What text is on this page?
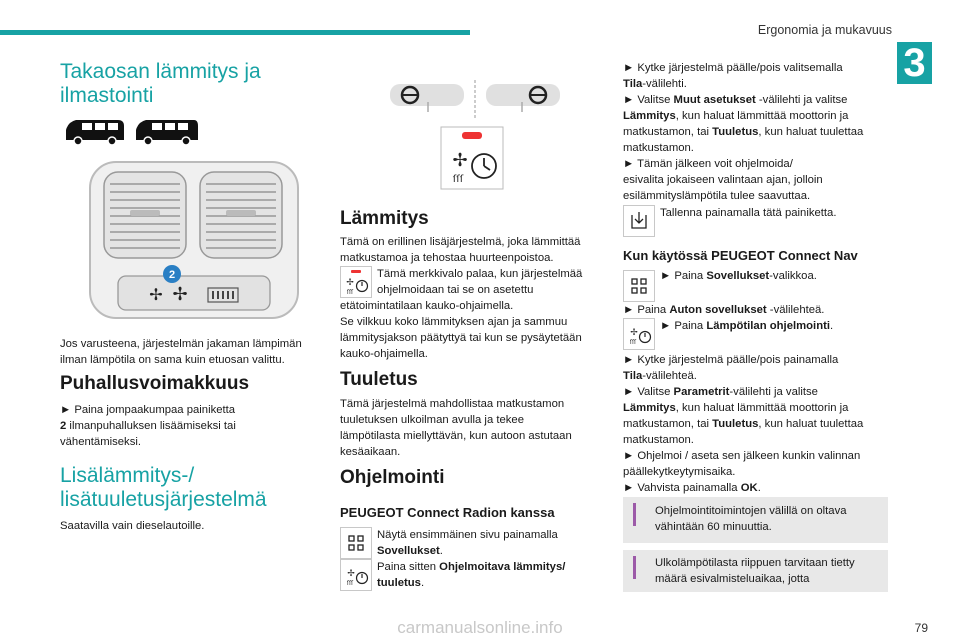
Ergonomia ja mukavuus
3
Takaosan lämmitys ja
ilmastointi
2
✢ ✢

Jos varusteena, järjestelmän jakaman lämpimän
ilman lämpötila on sama kuin etuosan valittu.

Puhallusvoimakkuus

► Paina jompaakumpaa painiketta
2 ilmanpuhalluksen lisäämiseksi tai
vähentämiseksi.

Lisälämmitys-/
lisätuuletusjärjestelmä

Saatavilla vain dieselautoille.

✢
ſſſ
Lämmitys

Tämä on erillinen lisäjärjestelmä, joka lämmittää
matkustamoa ja tehostaa huurteenpoistoa.

✢
ſſſ

Tämä merkkivalo palaa, kun järjestelmää
ohjelmoidaan tai se on asetettu

etätoimintatilaan kauko-ohjaimella.
Se vilkkuu koko lämmityksen ajan ja sammuu
lämmitysjakson päätyttyä tai kun se pysäytetään
kauko-ohjaimella.

Tuuletus

Tämä järjestelmä mahdollistaa matkustamon
tuuletuksen ulkoilman avulla ja tekee
lämpötilasta miellyttävän, kun autoon astutaan
kesäaikaan.

Ohjelmointi
PEUGEOT Connect Radion kanssa
✢
ſſſ

Näytä ensimmäinen sivu painamalla
Sovellukset.
Paina sitten Ohjelmoitava lämmitys/
tuuletus.

► Kytke järjestelmä päälle/pois valitsemalla
Tila-välilehti.
► Valitse Muut asetukset -välilehti ja valitse
Lämmitys, kun haluat lämmittää moottorin ja
matkustamon, tai Tuuletus, kun haluat tuulettaa
matkustamon.
► Tämän jälkeen voit ohjelmoida/
esivalita jokaiseen valintaan ajan, jolloin
esilämmityslämpötila tulee saavuttaa.

Tallenna painamalla tätä painiketta.

Kun käytössä PEUGEOT Connect Nav

► Paina Sovellukset-valikkoa.

► Paina Auton sovellukset -välilehteä.

✢
ſſſ

► Paina Lämpötilan ohjelmointi.

► Kytke järjestelmä päälle/pois painamalla
Tila-välilehteä.
► Valitse Parametrit-välilehti ja valitse
Lämmitys, kun haluat lämmittää moottorin ja
matkustamon, tai Tuuletus, kun haluat tuulettaa
matkustamon.
► Ohjelmoi / aseta sen jälkeen kunkin valinnan
päällekytkeytymisaika.
► Vahvista painamalla OK.

Ohjelmointitoimintojen välillä on oltava
vähintään 60 minuuttia.

Ulkolämpötilasta riippuen tarvitaan tietty
määrä esivalmisteluaikaa, jotta

79
carmanualsonline.info
